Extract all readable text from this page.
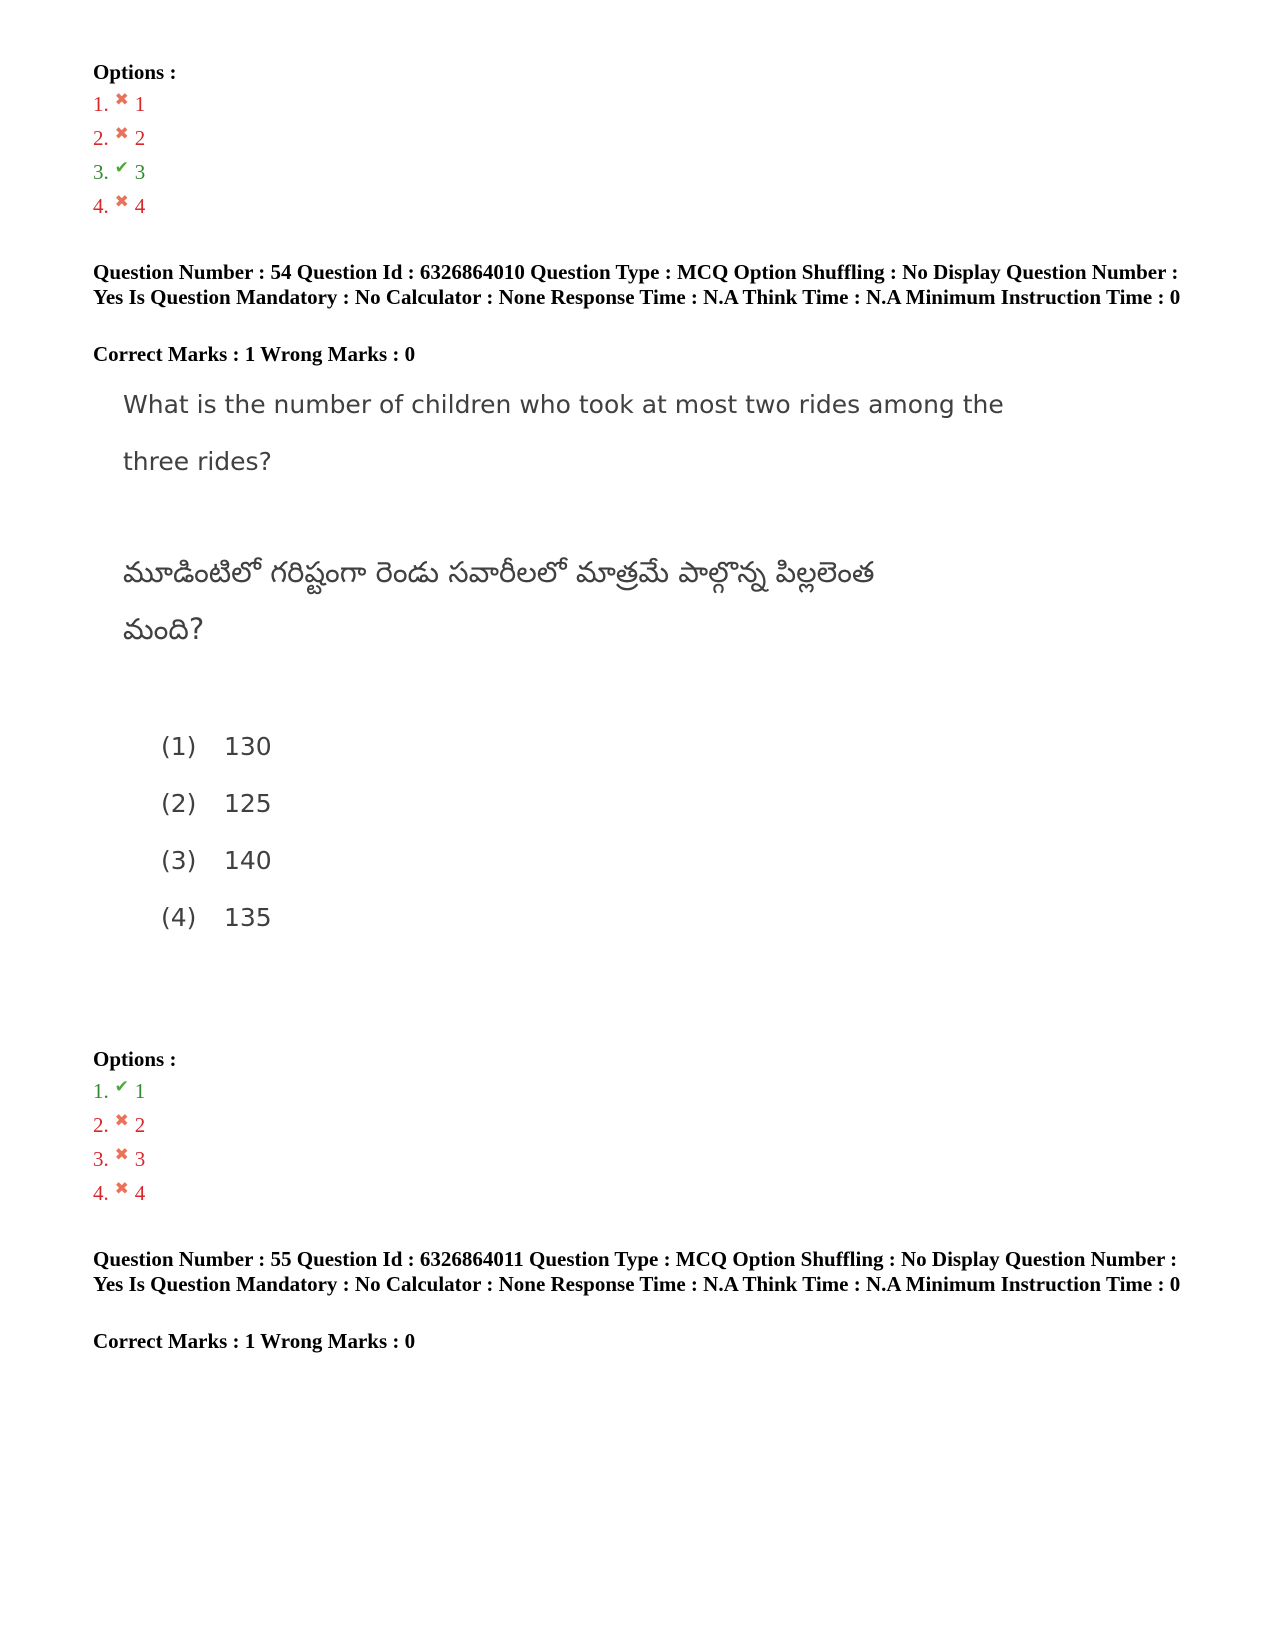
Options :
1. ✖ 1
2. ✖ 2
3. ✔ 3
4. ✖ 4
Question Number : 54 Question Id : 6326864010 Question Type : MCQ Option Shuffling : No Display Question Number : Yes Is Question Mandatory : No Calculator : None Response Time : N.A Think Time : N.A Minimum Instruction Time : 0
Correct Marks : 1 Wrong Marks : 0
What is the number of children who took at most two rides among the
three rides?
మూడింటిలో గరిష్టంగా రెండు సవారీలలో మాత్రమే పాల్గొన్న పిల్లలెంత
మంది?
(1) 130
(2) 125
(3) 140
(4) 135
Options :
1. ✔ 1
2. ✖ 2
3. ✖ 3
4. ✖ 4
Question Number : 55 Question Id : 6326864011 Question Type : MCQ Option Shuffling : No Display Question Number : Yes Is Question Mandatory : No Calculator : None Response Time : N.A Think Time : N.A Minimum Instruction Time : 0
Correct Marks : 1 Wrong Marks : 0
